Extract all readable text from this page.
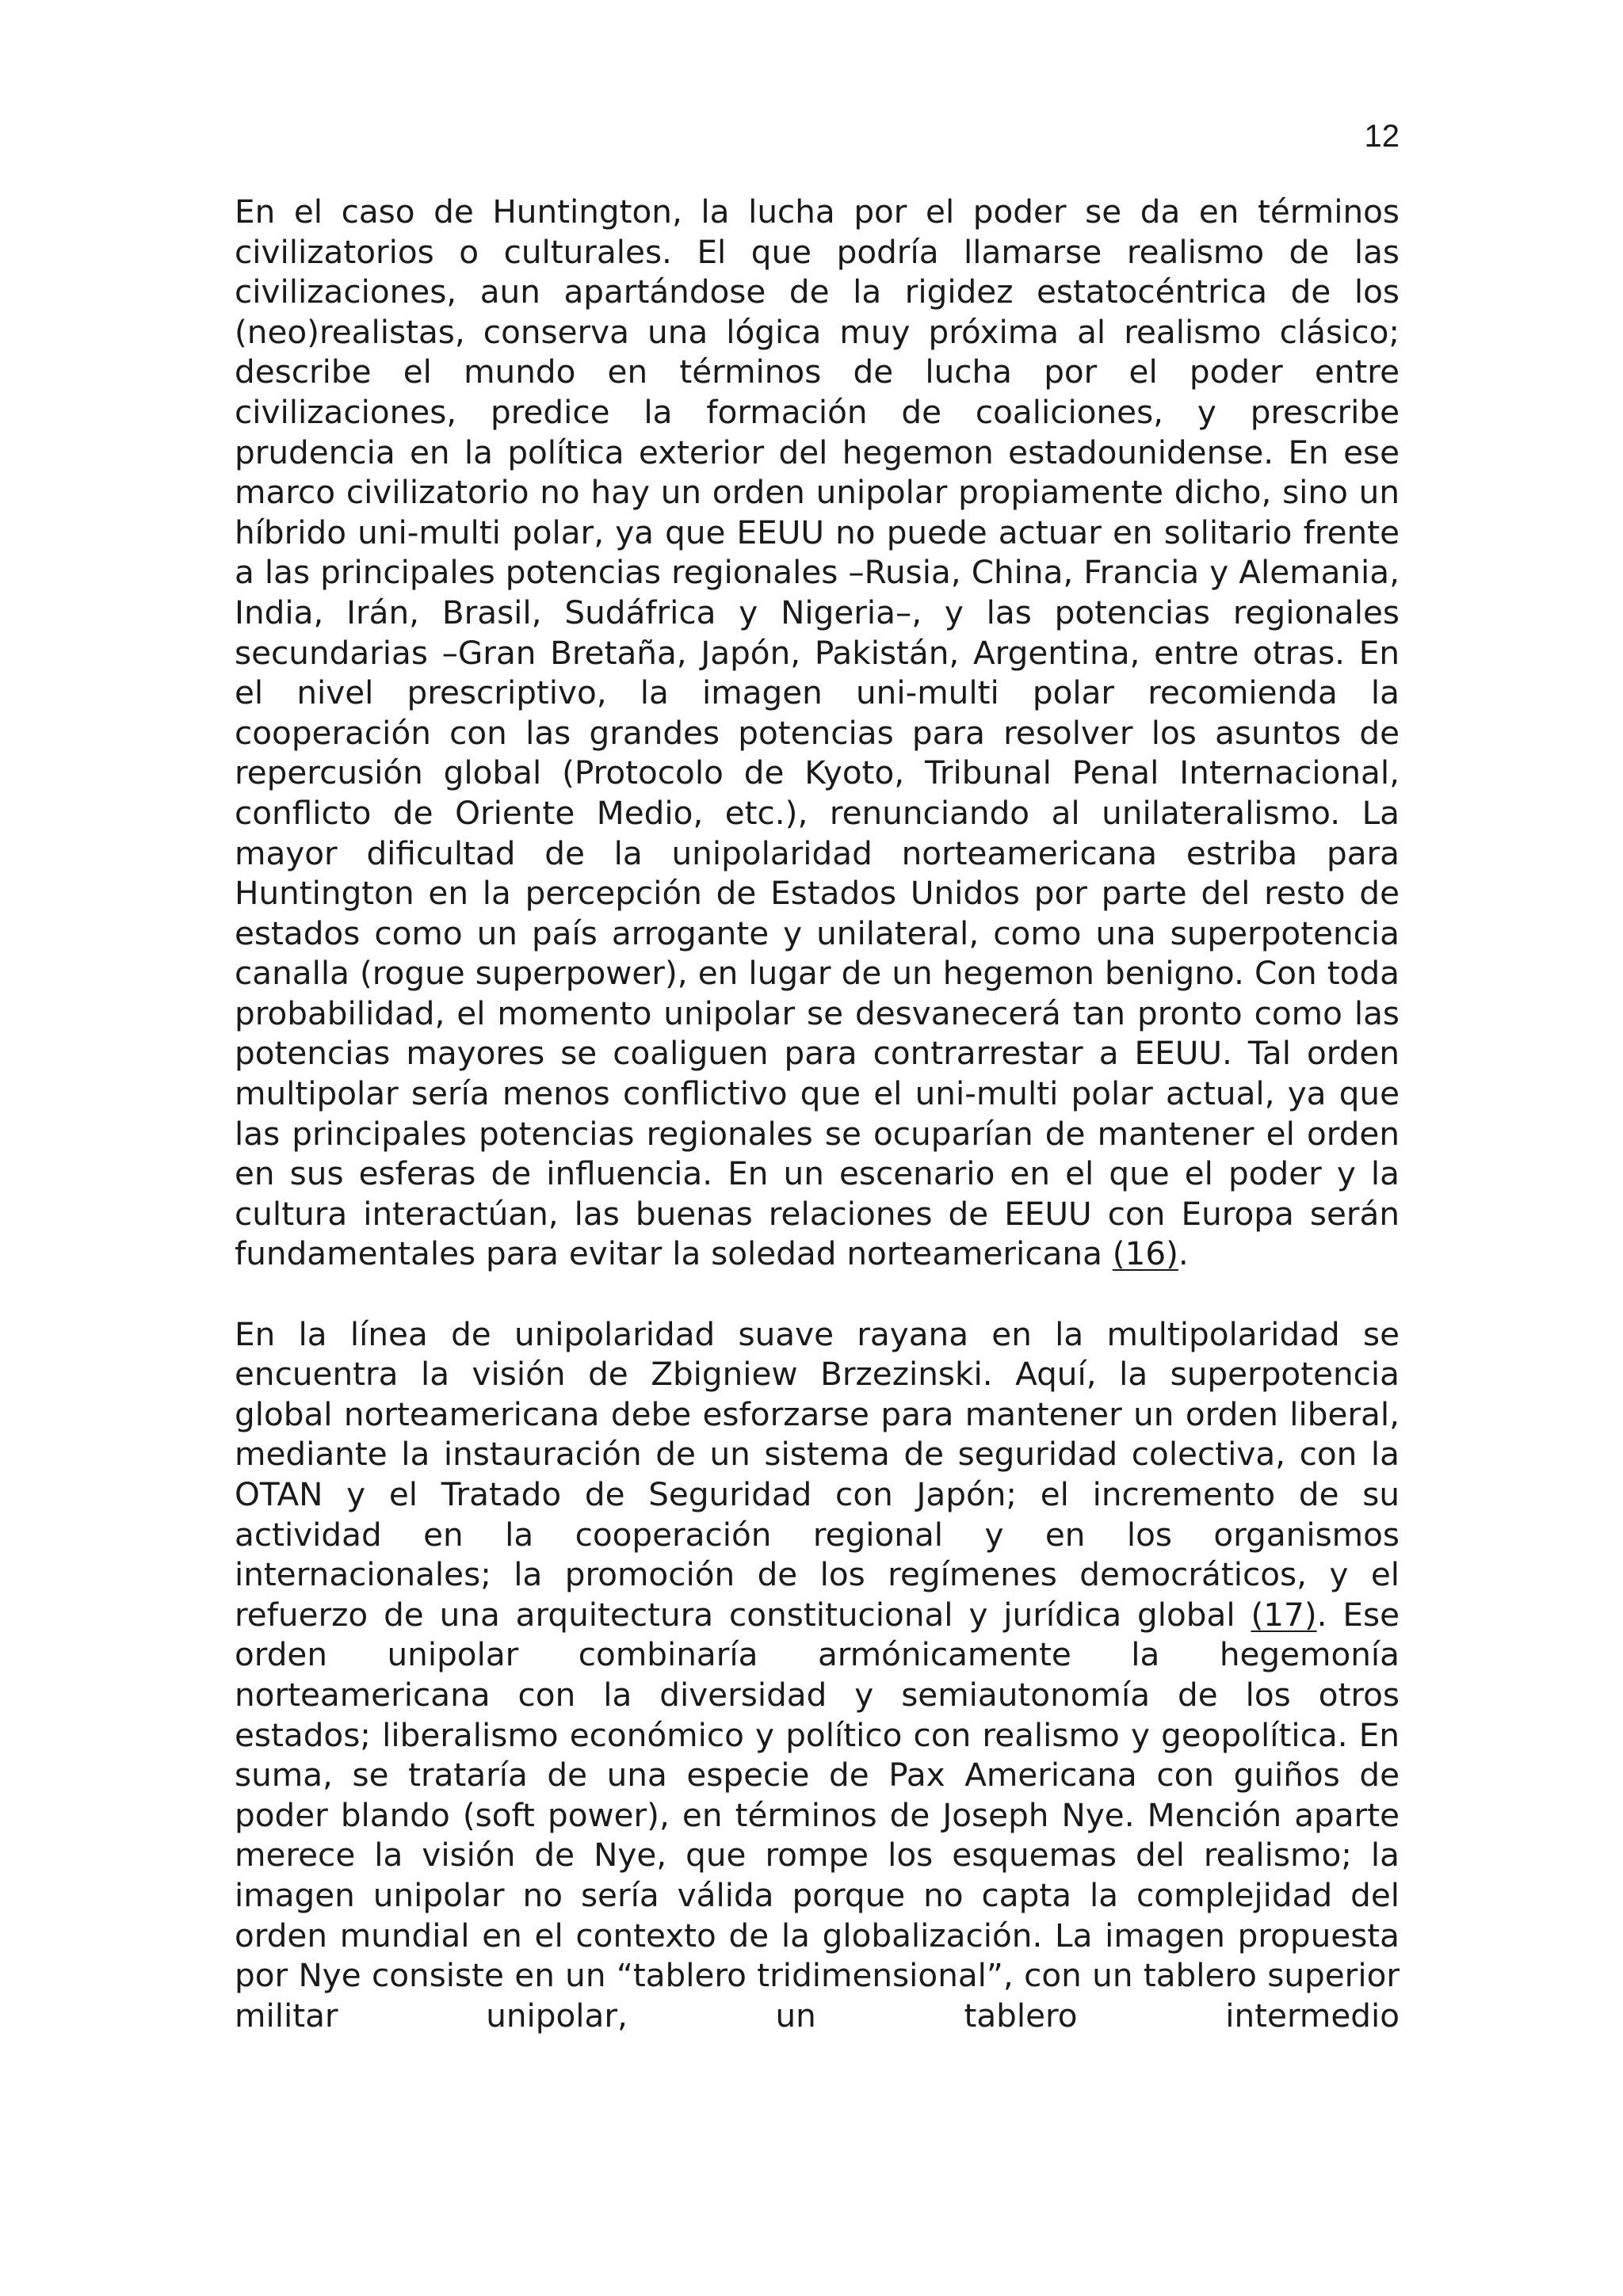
12

En el caso de Huntington, la lucha por el poder se da en términos civilizatorios o culturales. El que podría llamarse realismo de las civilizaciones, aun apartándose de la rigidez estatocéntrica de los (neo)realistas, conserva una lógica muy próxima al realismo clásico; describe el mundo en términos de lucha por el poder entre civilizaciones, predice la formación de coaliciones, y prescribe prudencia en la política exterior del hegemon estadounidense. En ese marco civilizatorio no hay un orden unipolar propiamente dicho, sino un híbrido uni-multi polar, ya que EEUU no puede actuar en solitario frente a las principales potencias regionales –Rusia, China, Francia y Alemania, India, Irán, Brasil, Sudáfrica y Nigeria–, y las potencias regionales secundarias –Gran Bretaña, Japón, Pakistán, Argentina, entre otras. En el nivel prescriptivo, la imagen uni-multi polar recomienda la cooperación con las grandes potencias para resolver los asuntos de repercusión global (Protocolo de Kyoto, Tribunal Penal Internacional, conflicto de Oriente Medio, etc.), renunciando al unilateralismo. La mayor dificultad de la unipolaridad norteamericana estriba para Huntington en la percepción de Estados Unidos por parte del resto de estados como un país arrogante y unilateral, como una superpotencia canalla (rogue superpower), en lugar de un hegemon benigno. Con toda probabilidad, el momento unipolar se desvanecerá tan pronto como las potencias mayores se coaliguen para contrarrestar a EEUU. Tal orden multipolar sería menos conflictivo que el uni-multi polar actual, ya que las principales potencias regionales se ocuparían de mantener el orden en sus esferas de influencia. En un escenario en el que el poder y la cultura interactúan, las buenas relaciones de EEUU con Europa serán fundamentales para evitar la soledad norteamericana (16).

En la línea de unipolaridad suave rayana en la multipolaridad se encuentra la visión de Zbigniew Brzezinski. Aquí, la superpotencia global norteamericana debe esforzarse para mantener un orden liberal, mediante la instauración de un sistema de seguridad colectiva, con la OTAN y el Tratado de Seguridad con Japón; el incremento de su actividad en la cooperación regional y en los organismos internacionales; la promoción de los regímenes democráticos, y el refuerzo de una arquitectura constitucional y jurídica global (17). Ese orden unipolar combinaría armónicamente la hegemonía norteamericana con la diversidad y semiautonomía de los otros estados; liberalismo económico y político con realismo y geopolítica. En suma, se trataría de una especie de Pax Americana con guiños de poder blando (soft power), en términos de Joseph Nye. Mención aparte merece la visión de Nye, que rompe los esquemas del realismo; la imagen unipolar no sería válida porque no capta la complejidad del orden mundial en el contexto de la globalización. La imagen propuesta por Nye consiste en un “tablero tridimensional”, con un tablero superior militar unipolar, un tablero intermedio
